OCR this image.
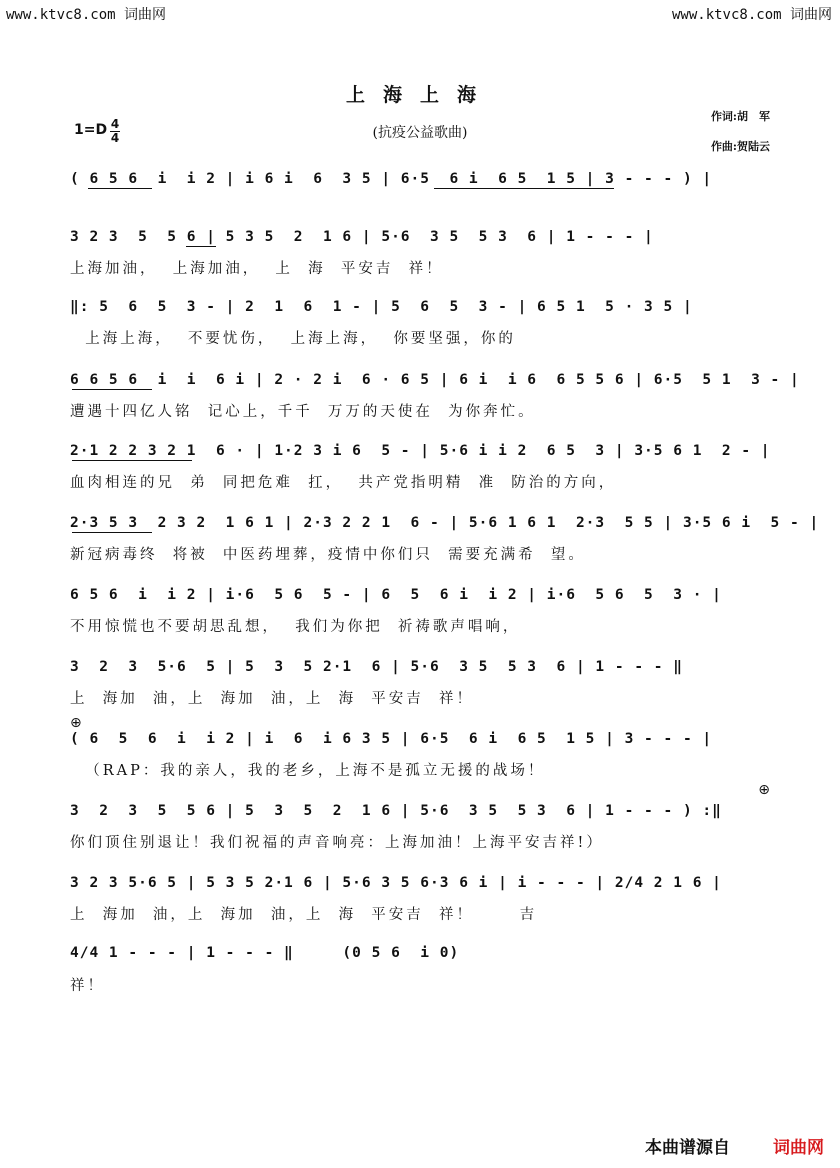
www.ktvc8.com 词曲网	www.ktvc8.com 词曲网
上海上海
(抗疫公益歌曲)
1=D 4
4
作词:胡　军
作曲:贺陆云
( 6 5 6  i  i 2 | i 6 i  6  3 5 | 6·5  6 i  6 5  1 5 | 3 - - - ) |
3 2 3  5  5 6 | 5 3 5  2  1 6 | 5·6  3 5  5 3  6 | 1 - - - |
上海加油，  上海加油，  上  海  平安吉  祥！
‖: 5  6  5  3 - | 2  1  6  1 - | 5  6  5  3 - | 6 5 1  5 · 3 5 |
上海上海，  不要忧伤，  上海上海，  你要坚强，你的
6 6 5 6  i  i  6 i | 2 · 2 i  6 · 6 5 | 6 i  i 6  6 5 5 6 | 6·5  5 1  3 - |
遭遇十四亿人铭  记心上，千千  万万的天使在  为你奔忙。
2·1 2 2 3 2 1  6 · | 1·2 3 i 6  5 - | 5·6 i i 2  6 5  3 | 3·5 6 1  2 - |
血肉相连的兄  弟  同把危难  扛，  共产党指明精  准  防治的方向，
2·3 5 3  2 3 2  1 6 1 | 2·3 2 2 1  6 - | 5·6 1 6 1  2·3  5 5 | 3·5 6 i  5 - |
新冠病毒终  将被  中医药埋葬，疫情中你们只  需要充满希  望。
6 5 6  i  i 2 | i·6  5 6  5 - | 6  5  6 i  i 2 | i·6  5 6  5  3 · |
不用惊慌也不要胡思乱想，  我们为你把  祈祷歌声唱响，
3  2  3  5·6  5 | 5  3  5 2·1  6 | 5·6  3 5  5 3  6 | 1 - - - ‖
上  海加  油，上  海加  油，上  海  平安吉  祥！
⊕
( 6  5  6  i  i 2 | i  6  i 6 3 5 | 6·5  6 i  6 5  1 5 | 3 - - - |
（RAP：我的亲人，我的老乡，上海不是孤立无援的战场！
⊕
3  2  3  5  5 6 | 5  3  5  2  1 6 | 5·6  3 5  5 3  6 | 1 - - - ) :‖
你们顶住别退让！我们祝福的声音响亮：上海加油！上海平安吉祥!）
3 2 3 5·6 5 | 5 3 5 2·1 6 | 5·6 3 5 6·3 6 i | i - - - | 2/4 2 1 6 |
上  海加  油，上  海加  油，上  海  平安吉  祥！      吉
4/4 1 - - - | 1 - - - ‖     (0 5 6  i 0)
祥！
本曲谱源自	词曲网
